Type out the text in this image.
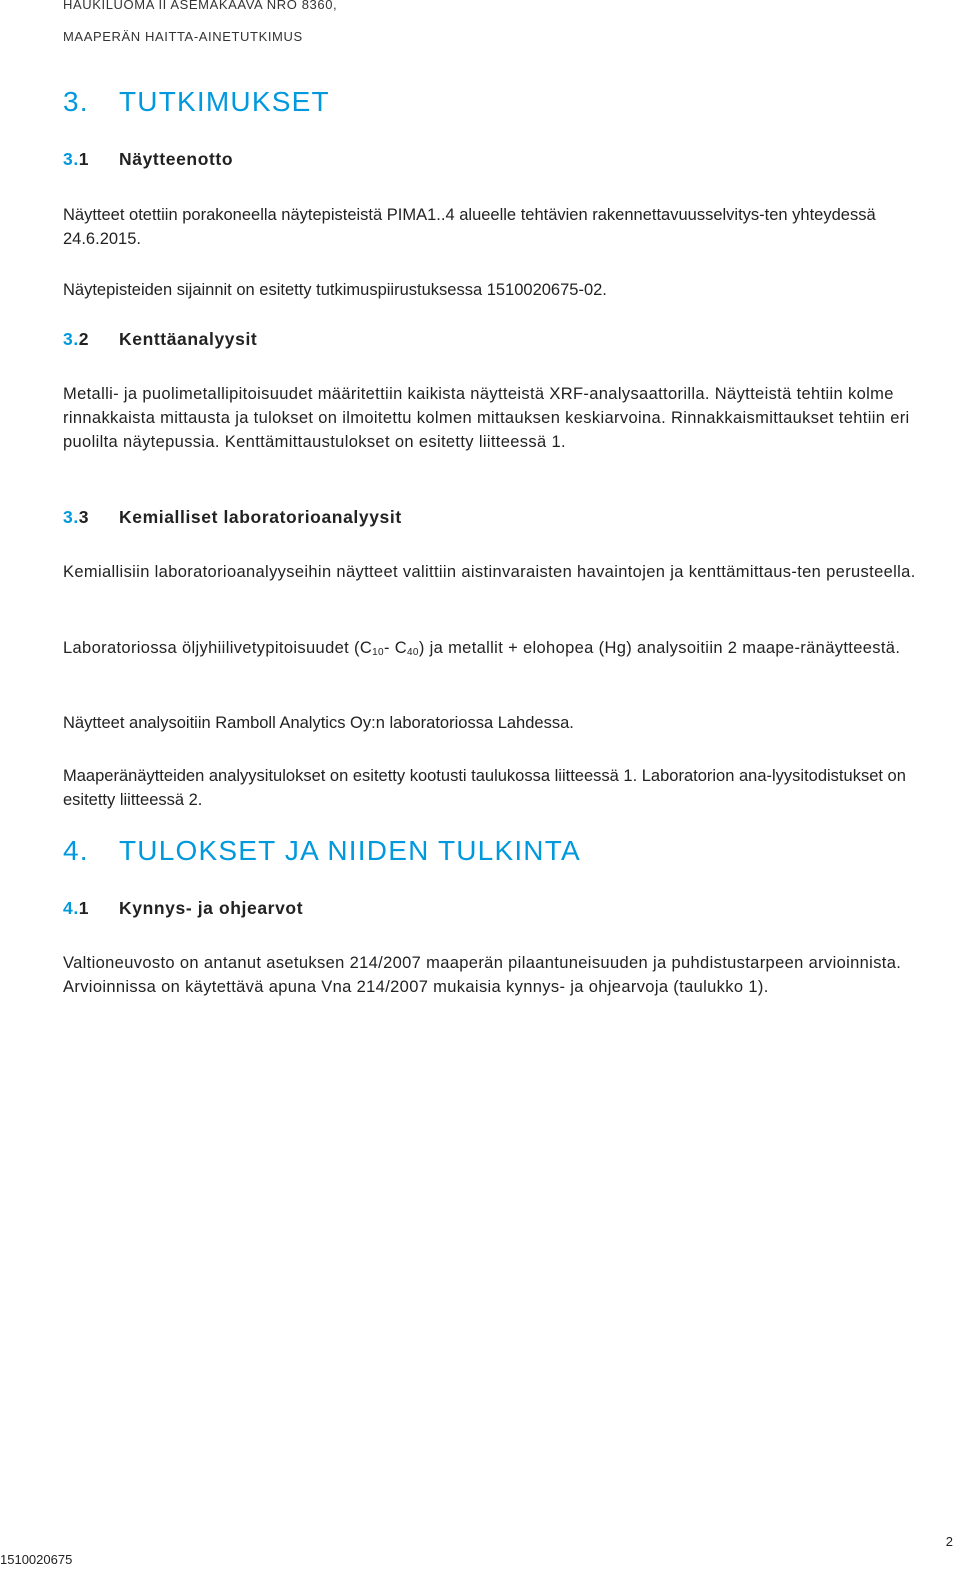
HAUKILUOMA II ASEMAKAAVA NRO 8360,
MAAPERÄN HAITTA-AINETUTKIMUS
3. TUTKIMUKSET
3.1 Näytteenotto

Näytteet otettiin porakoneella näytepisteistä PIMA1..4 alueelle tehtävien rakennettavuusselvitys-ten yhteydessä 24.6.2015.

Näytepisteiden sijainnit on esitetty tutkimuspiirustuksessa 1510020675-02.

3.2 Kenttäanalyysit

Metalli- ja puolimetallipitoisuudet määritettiin kaikista näytteistä XRF-analysaattorilla. Näytteistä tehtiin kolme rinnakkaista mittausta ja tulokset on ilmoitettu kolmen mittauksen keskiarvoina. Rinnakkaismittaukset tehtiin eri puolilta näytepussia. Kenttämittaustulokset on esitetty liitteessä 1.

3.3 Kemialliset laboratorioanalyysit

Kemiallisiin laboratorioanalyyseihin näytteet valittiin aistinvaraisten havaintojen ja kenttämittaus-ten perusteella.

Laboratoriossa öljyhiilivetypitoisuudet ($C_{10}-$ $C_{40}$) ja metallit + elohopea (Hg) analysoitiin 2 maape-ränäytteestä.

Näytteet analysoitiin Ramboll Analytics Oy:n laboratoriossa Lahdessa.

Maaperänäytteiden analyysitulokset on esitetty kootusti taulukossa liitteessä 1. Laboratorion ana-lyysitodistukset on esitetty liitteessä 2.

4. TULOKSET JA NIIDEN TULKINTA
4.1 Kynnys- ja ohjearvot

Valtioneuvosto on antanut asetuksen 214/2007 maaperän pilaantuneisuuden ja puhdistustarpeen arvioinnista. Arvioinnissa on käytettävä apuna Vna 214/2007 mukaisia kynnys- ja ohjearvoja (taulukko 1).

1510020675
2
